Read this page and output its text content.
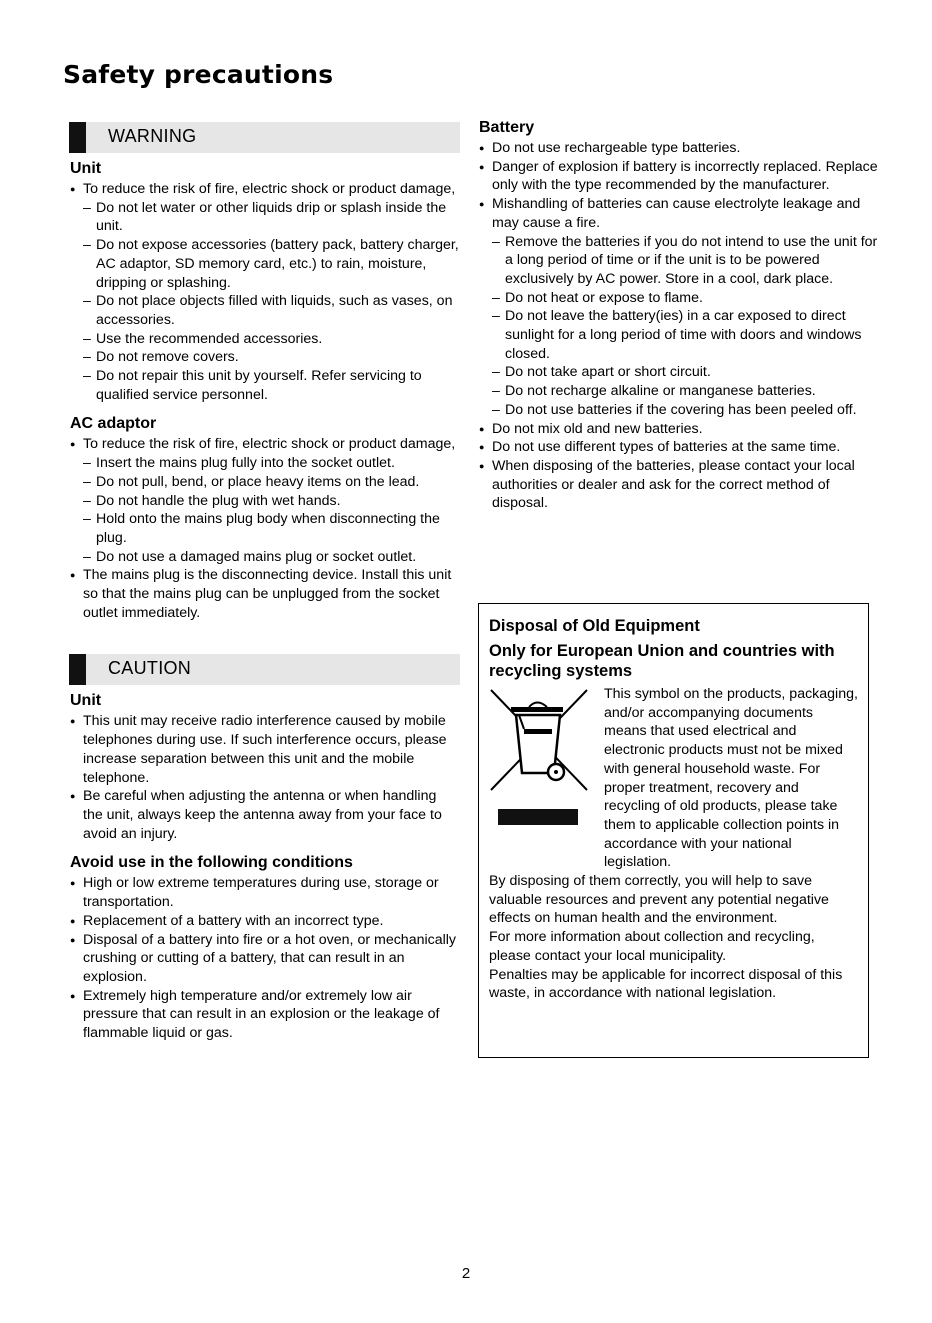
Safety precautions
WARNING
Unit
● To reduce the risk of fire, electric shock or product damage,
– Do not let water or other liquids drip or splash inside the unit.
– Do not expose accessories (battery pack, battery charger, AC adaptor, SD memory card, etc.) to rain, moisture, dripping or splashing.
– Do not place objects filled with liquids, such as vases, on accessories.
– Use the recommended accessories.
– Do not remove covers.
– Do not repair this unit by yourself. Refer servicing to qualified service personnel.
AC adaptor
● To reduce the risk of fire, electric shock or product damage,
– Insert the mains plug fully into the socket outlet.
– Do not pull, bend, or place heavy items on the lead.
– Do not handle the plug with wet hands.
– Hold onto the mains plug body when disconnecting the plug.
– Do not use a damaged mains plug or socket outlet.
● The mains plug is the disconnecting device. Install this unit so that the mains plug can be unplugged from the socket outlet immediately.
CAUTION
Unit
● This unit may receive radio interference caused by mobile telephones during use. If such interference occurs, please increase separation between this unit and the mobile telephone.
● Be careful when adjusting the antenna or when handling the unit, always keep the antenna away from your face to avoid an injury.
Avoid use in the following conditions
● High or low extreme temperatures during use, storage or transportation.
● Replacement of a battery with an incorrect type.
● Disposal of a battery into fire or a hot oven, or mechanically crushing or cutting of a battery, that can result in an explosion.
● Extremely high temperature and/or extremely low air pressure that can result in an explosion or the leakage of flammable liquid or gas.
Battery
● Do not use rechargeable type batteries.
● Danger of explosion if battery is incorrectly replaced. Replace only with the type recommended by the manufacturer.
● Mishandling of batteries can cause electrolyte leakage and may cause a fire.
– Remove the batteries if you do not intend to use the unit for a long period of time or if the unit is to be powered exclusively by AC power. Store in a cool, dark place.
– Do not heat or expose to flame.
– Do not leave the battery(ies) in a car exposed to direct sunlight for a long period of time with doors and windows closed.
– Do not take apart or short circuit.
– Do not recharge alkaline or manganese batteries.
– Do not use batteries if the covering has been peeled off.
● Do not mix old and new batteries.
● Do not use different types of batteries at the same time.
● When disposing of the batteries, please contact your local authorities or dealer and ask for the correct method of disposal.
Disposal of Old Equipment
Only for European Union and countries with recycling systems
This symbol on the products, packaging, and/or accompanying documents means that used electrical and electronic products must not be mixed with general household waste. For proper treatment, recovery and recycling of old products, please take them to applicable collection points in accordance with your national legislation.
By disposing of them correctly, you will help to save valuable resources and prevent any potential negative effects on human health and the environment.
For more information about collection and recycling, please contact your local municipality.
Penalties may be applicable for incorrect disposal of this waste, in accordance with national legislation.
2
